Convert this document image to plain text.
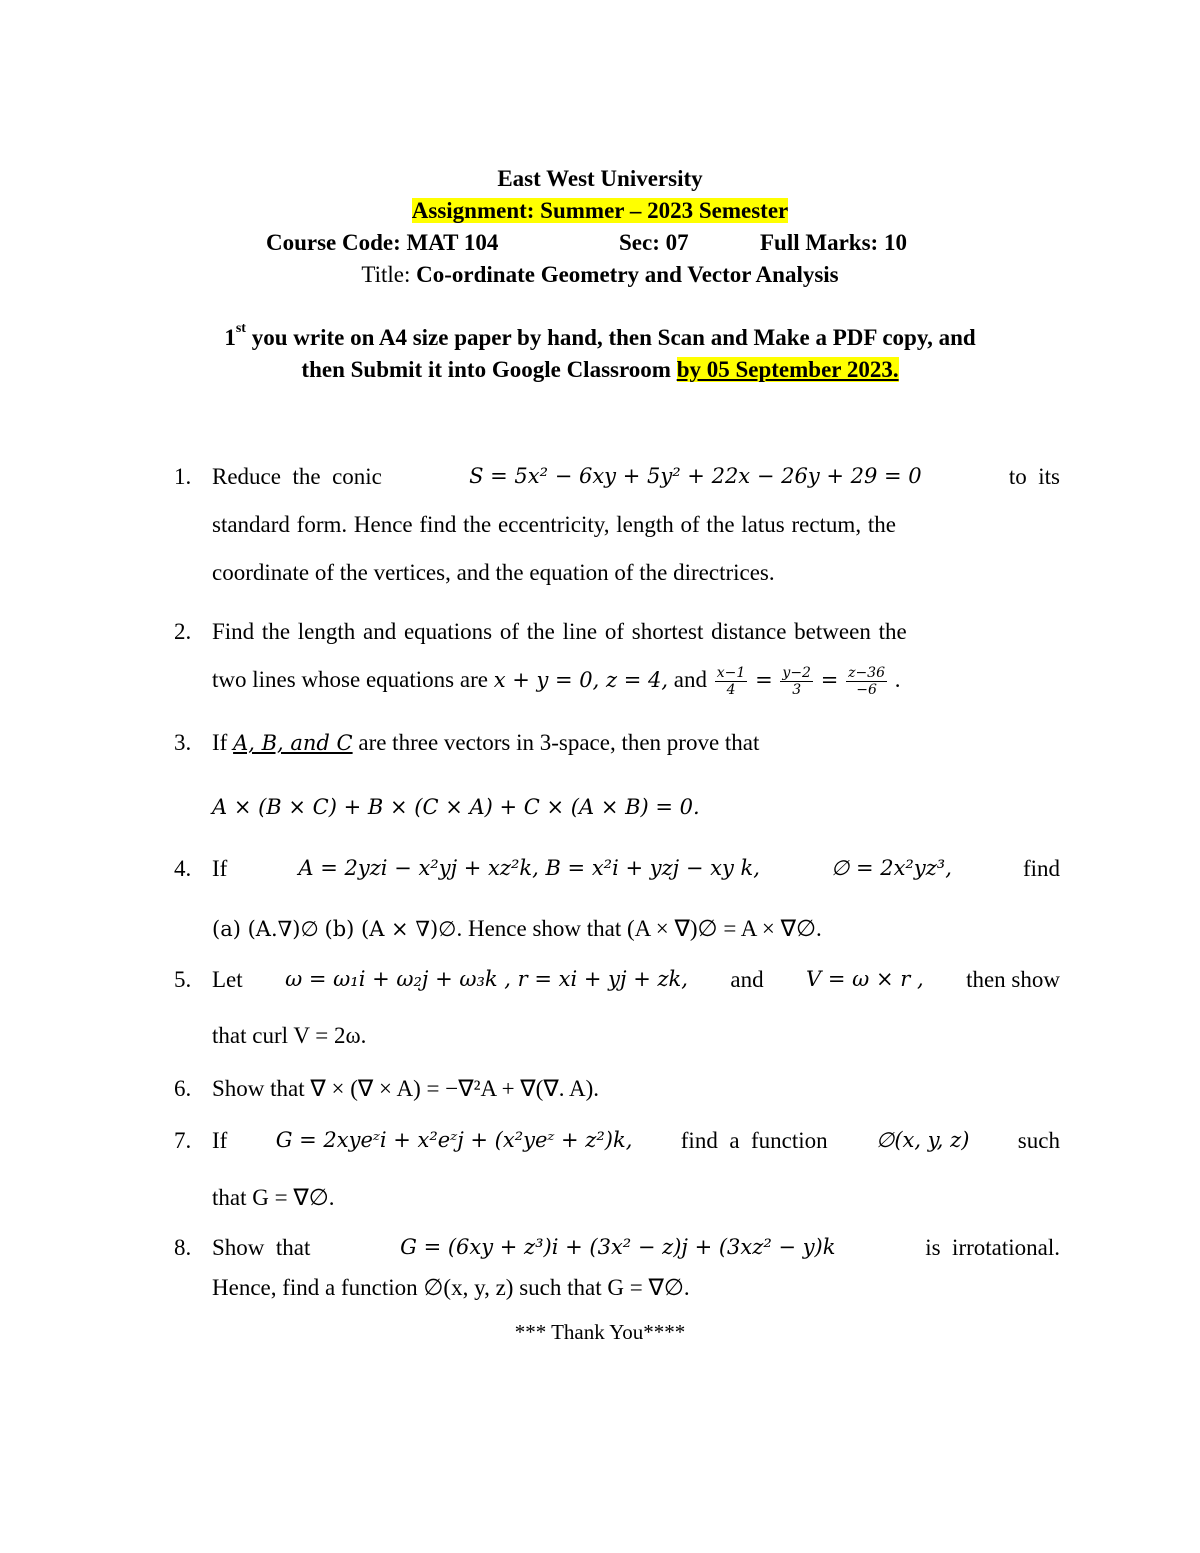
East West University
Assignment: Summer – 2023 Semester
Course Code: MAT 104	Sec: 07	Full Marks: 10
Title: Co-ordinate Geometry and Vector Analysis
1st you write on A4 size paper by hand, then Scan and Make a PDF copy, and
then Submit it into Google Classroom by 05 September 2023.
1. Reduce  the  conic	S = 5x² − 6xy + 5y² + 22x − 26y + 29 = 0	to  its
standard form. Hence find the eccentricity, length of the latus rectum, the
coordinate of the vertices, and the equation of the directrices.
2. Find the length and equations of the line of shortest distance between the
two lines whose equations are x + y = 0, z = 4, and $\frac{x-1}{4} = \frac{y-2}{3} = \frac{z-36}{-6}$ .
3. If A, B, and C are three vectors in 3-space, then prove that
A × (B × C) + B × (C × A) + C × (A × B) = 0.
4. If	A = 2yzi − x²yj + xz²k, B = x²i + yzj − xy k,	∅ = 2x²yz³,	find
(a) (A.∇)∅ (b) (A × ∇)∅. Hence show that (A × ∇)∅ = A × ∇∅.
5. Let ω = ω₁i + ω₂j + ω₃k , r = xi + yj + zk, and V = ω × r , then show
that curl V = 2ω.
6. Show that ∇ × (∇ × A) = −∇²A + ∇(∇. A).
7. If G = 2xyeᶻi + x²eᶻj + (x²yeᶻ + z²)k, find  a  function ∅(x, y, z) such
that G = ∇∅.
8. Show  that	G = (6xy + z³)i + (3x² − z)j + (3xz² − y)k	is  irrotational.
Hence, find a function ∅(x, y, z) such that G = ∇∅.
*** Thank You****
